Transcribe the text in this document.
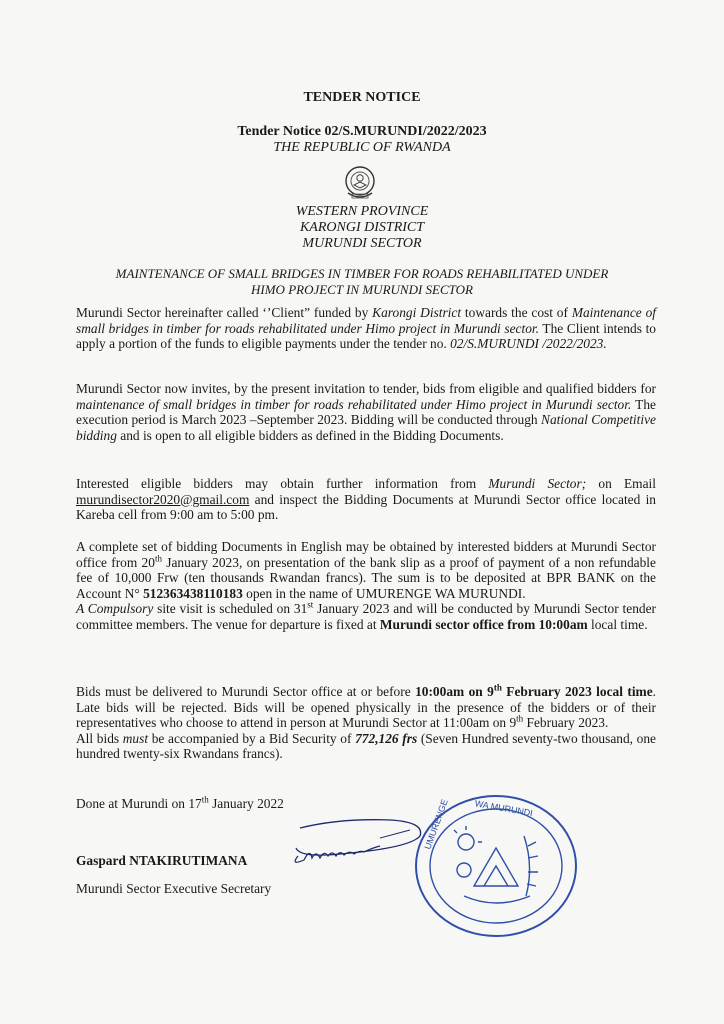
TENDER NOTICE
Tender Notice 02/S.MURUNDI/2022/2023
THE REPUBLIC OF RWANDA
WESTERN PROVINCE
KARONGI DISTRICT
MURUNDI SECTOR
MAINTENANCE OF SMALL BRIDGES IN TIMBER FOR ROADS REHABILITATED UNDER
HIMO PROJECT IN MURUNDI SECTOR

Murundi Sector hereinafter called ‘’Client” funded by Karongi District towards the cost of Maintenance of small bridges in timber for roads rehabilitated under Himo project in Murundi sector. The Client intends to apply a portion of the funds to eligible payments under the tender no. 02/S.MURUNDI /2022/2023.

Murundi Sector now invites, by the present invitation to tender, bids from eligible and qualified bidders for maintenance of small bridges in timber for roads rehabilitated under Himo project in Murundi sector. The execution period is March 2023 –September 2023. Bidding will be conducted through National Competitive bidding and is open to all eligible bidders as defined in the Bidding Documents.

Interested eligible bidders may obtain further information from Murundi Sector; on Email murundisector2020@gmail.com and inspect the Bidding Documents at Murundi Sector office located in Kareba cell from 9:00 am to 5:00 pm.

A complete set of bidding Documents in English may be obtained by interested bidders at Murundi Sector office from 20th January 2023, on presentation of the bank slip as a proof of payment of a non refundable fee of 10,000 Frw (ten thousands Rwandan francs). The sum is to be deposited at BPR BANK on the Account N° 512363438110183 open in the name of UMURENGE WA MURUNDI.

A Compulsory site visit is scheduled on 31st January 2023 and will be conducted by Murundi Sector tender committee members. The venue for departure is fixed at Murundi sector office from 10:00am local time.

Bids must be delivered to Murundi Sector office at or before 10:00am on 9th February 2023 local time. Late bids will be rejected. Bids will be opened physically in the presence of the bidders or of their representatives who choose to attend in person at Murundi Sector at 11:00am on 9th February 2023.

All bids must be accompanied by a Bid Security of 772,126 frs (Seven Hundred seventy-two thousand, one hundred twenty-six Rwandans francs).

Done at Murundi on 17th January 2022
Gaspard NTAKIRUTIMANA
Murundi Sector Executive Secretary
WA MURUNDI
UMURENGE
